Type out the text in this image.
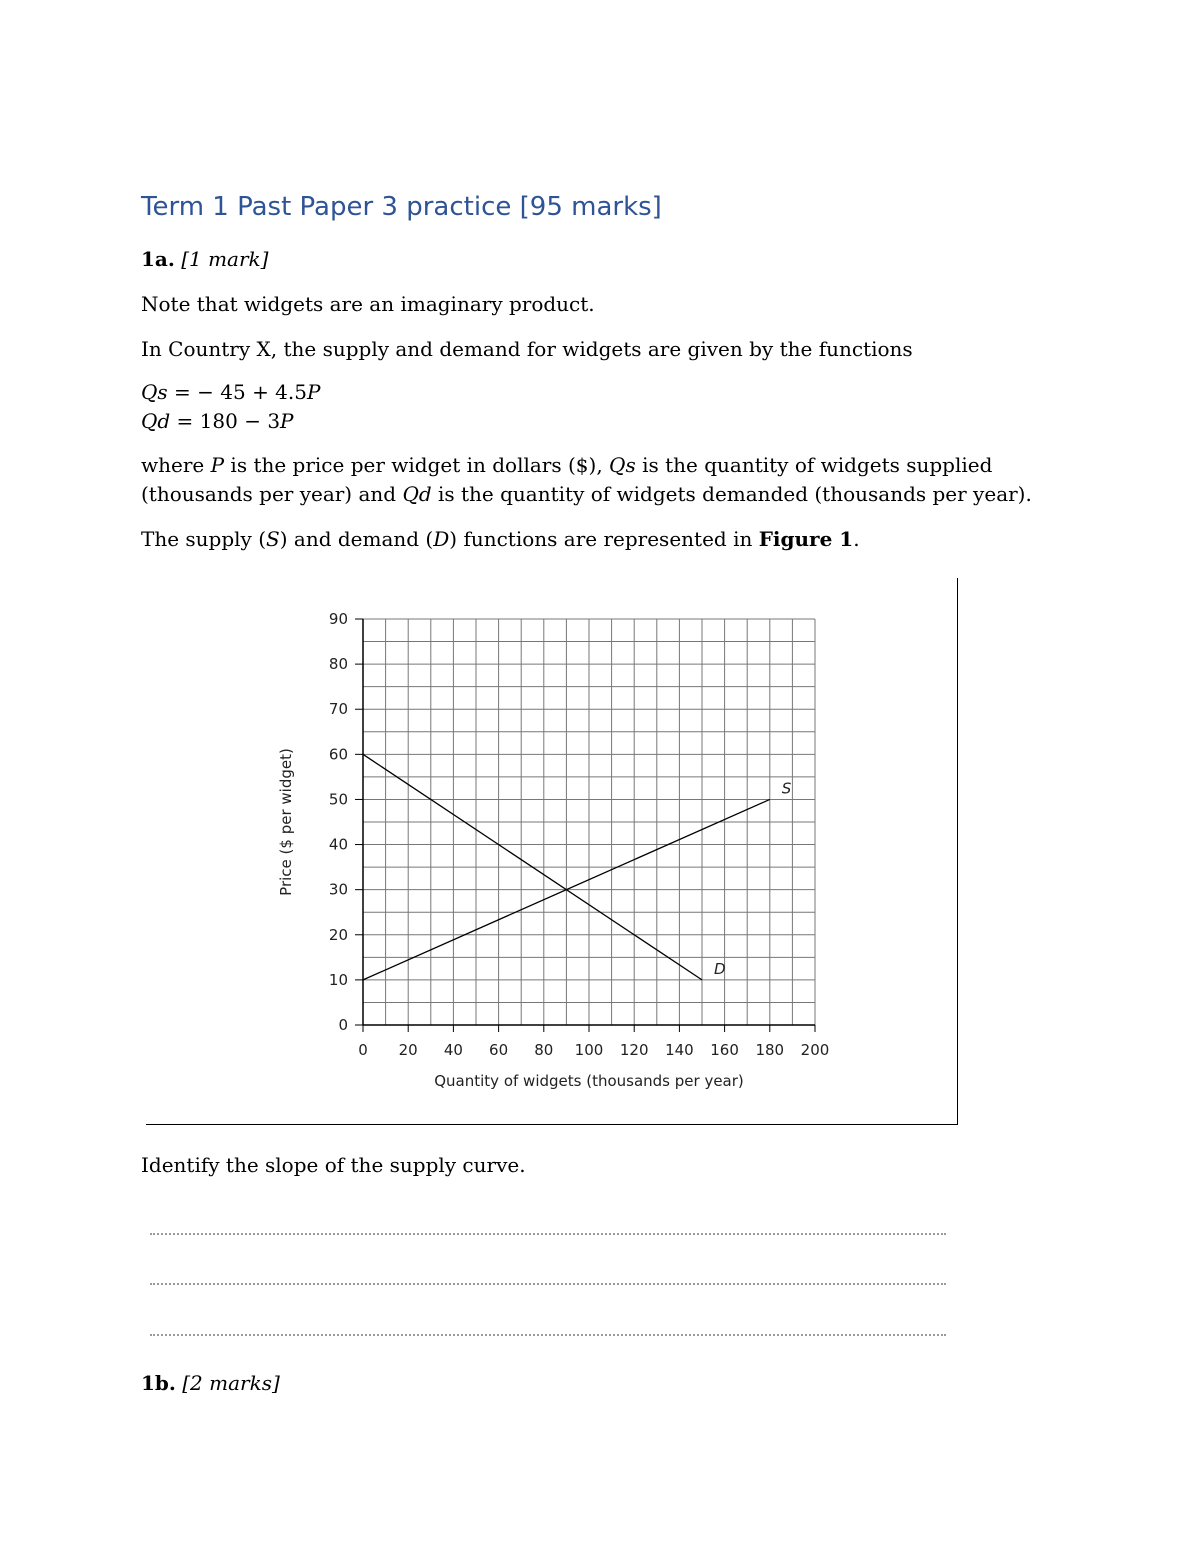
Term 1 Past Paper 3 practice [95 marks]
1a. [1 mark]
Note that widgets are an imaginary product.
In Country X, the supply and demand for widgets are given by the functions
Qs = − 45 + 4.5P
Qd = 180 − 3P
where P is the price per widget in dollars ($), Qs is the quantity of widgets supplied
(thousands per year) and Qd is the quantity of widgets demanded (thousands per year).
The supply (S) and demand (D) functions are represented in Figure 1.
0
10
20
30
40
50
60
70
80
90
0 20 40 60 80 100 120 140 160 180 200
S
D
Quantity of widgets (thousands per year)
Price ($ per widget)
Identify the slope of the supply curve.
1b. [2 marks]
